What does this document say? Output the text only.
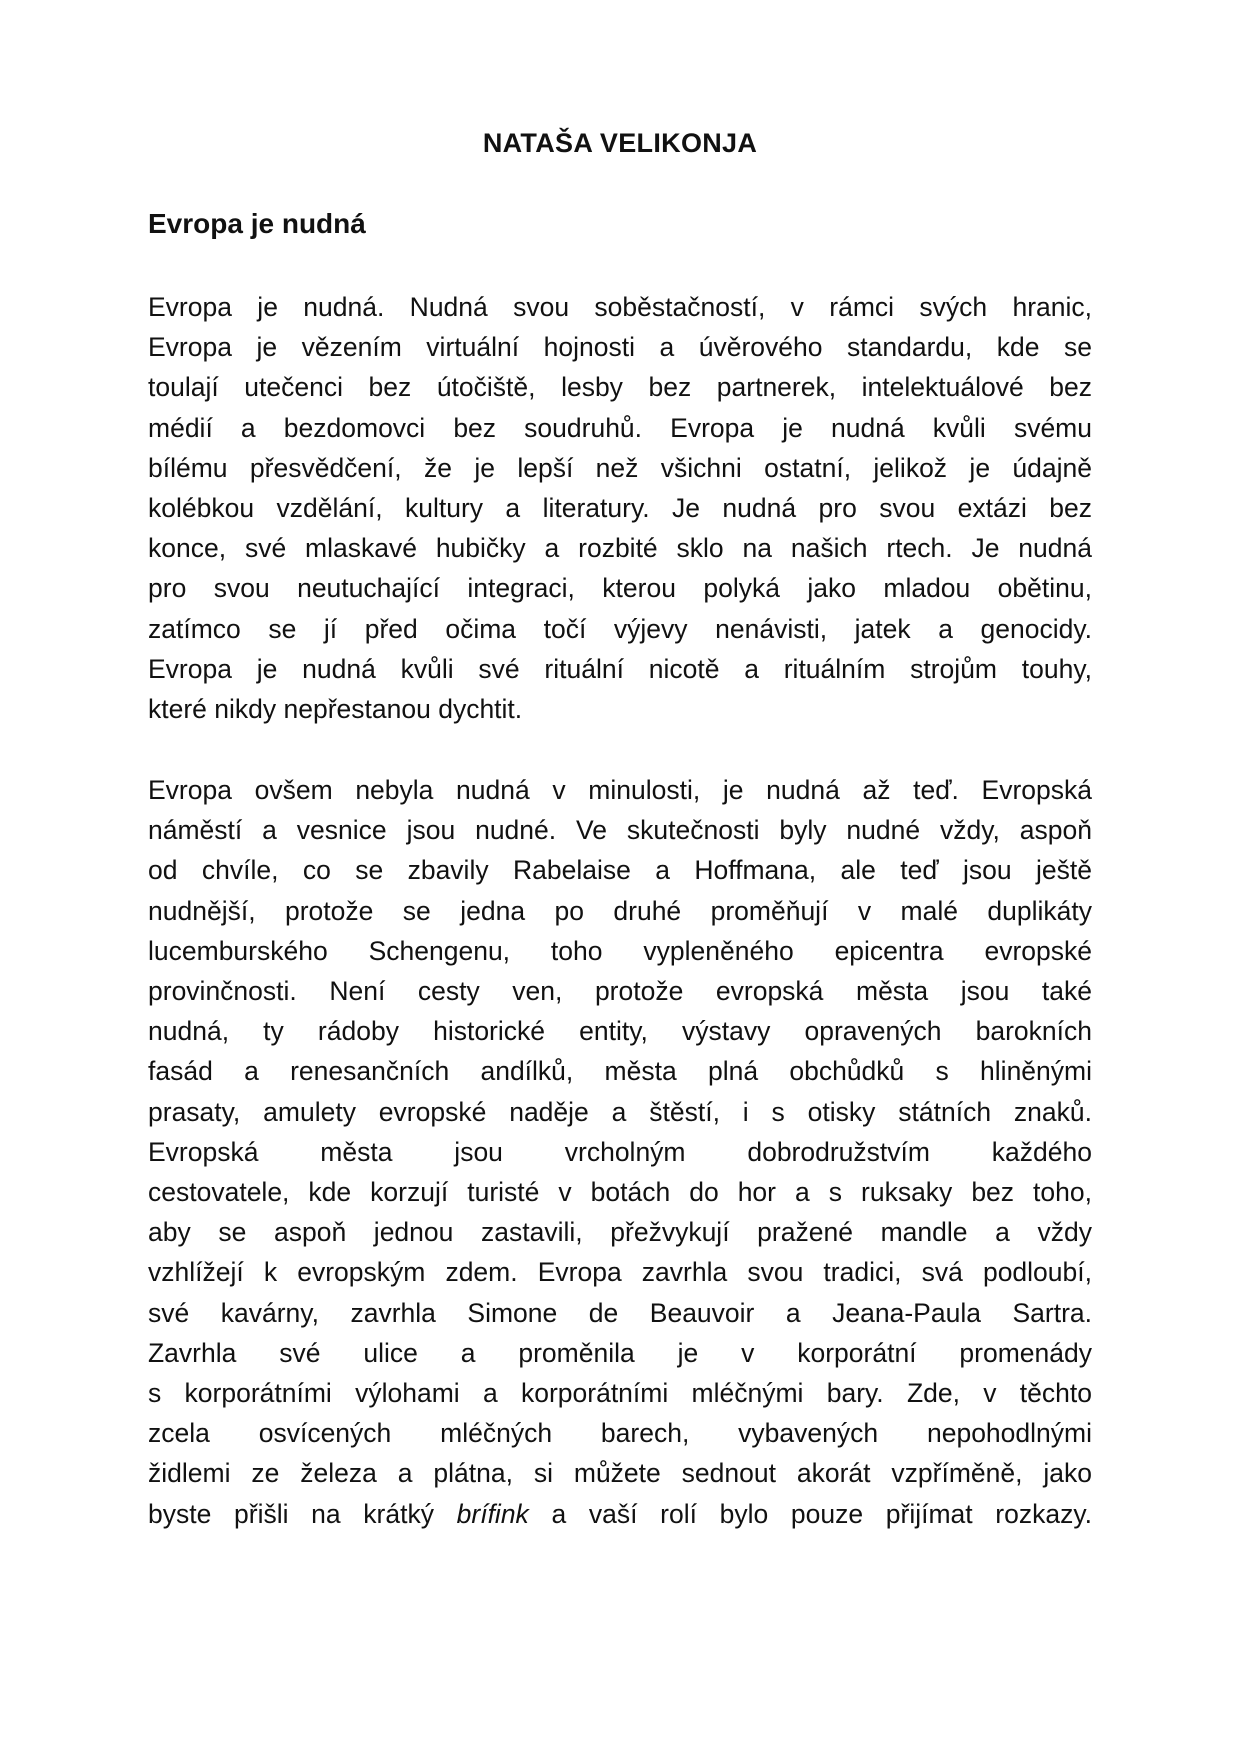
NATAŠA VELIKONJA
Evropa je nudná
Evropa je nudná. Nudná svou soběstačností, v rámci svých hranic,
Evropa je vězením virtuální hojnosti a úvěrového standardu, kde se
toulají utečenci bez útočiště, lesby bez partnerek, intelektuálové bez
médií a bezdomovci bez soudruhů. Evropa je nudná kvůli svému
bílému přesvědčení, že je lepší než všichni ostatní, jelikož je údajně
kolébkou vzdělání, kultury a literatury. Je nudná pro svou extázi bez
konce, své mlaskavé hubičky a rozbité sklo na našich rtech. Je nudná
pro svou neutuchající integraci, kterou polyká jako mladou obětinu,
zatímco se jí před očima točí výjevy nenávisti, jatek a genocidy.
Evropa je nudná kvůli své rituální nicotě a rituálním strojům touhy,
které nikdy nepřestanou dychtit.
Evropa ovšem nebyla nudná v minulosti, je nudná až teď. Evropská
náměstí a vesnice jsou nudné. Ve skutečnosti byly nudné vždy, aspoň
od chvíle, co se zbavily Rabelaise a Hoffmana, ale teď jsou ještě
nudnější, protože se jedna po druhé proměňují v malé duplikáty
lucemburského Schengenu, toho vypleněného epicentra evropské
provinčnosti. Není cesty ven, protože evropská města jsou také
nudná, ty rádoby historické entity, výstavy opravených barokních
fasád a renesančních andílků, města plná obchůdků s hliněnými
prasaty, amulety evropské naděje a štěstí, i s otisky státních znaků.
Evropská města jsou vrcholným dobrodružstvím každého
cestovatele, kde korzují turisté v botách do hor a s ruksaky bez toho,
aby se aspoň jednou zastavili, přežvykují pražené mandle a vždy
vzhlížejí k evropským zdem. Evropa zavrhla svou tradici, svá podloubí,
své kavárny, zavrhla Simone de Beauvoir a Jeana-Paula Sartra.
Zavrhla své ulice a proměnila je v korporátní promenády
s korporátními výlohami a korporátními mléčnými bary. Zde, v těchto
zcela osvícených mléčných barech, vybavených nepohodlnými
židlemi ze železa a plátna, si můžete sednout akorát vzpříměně, jako
byste přišli na krátký brífink a vaší rolí bylo pouze přijímat rozkazy.
